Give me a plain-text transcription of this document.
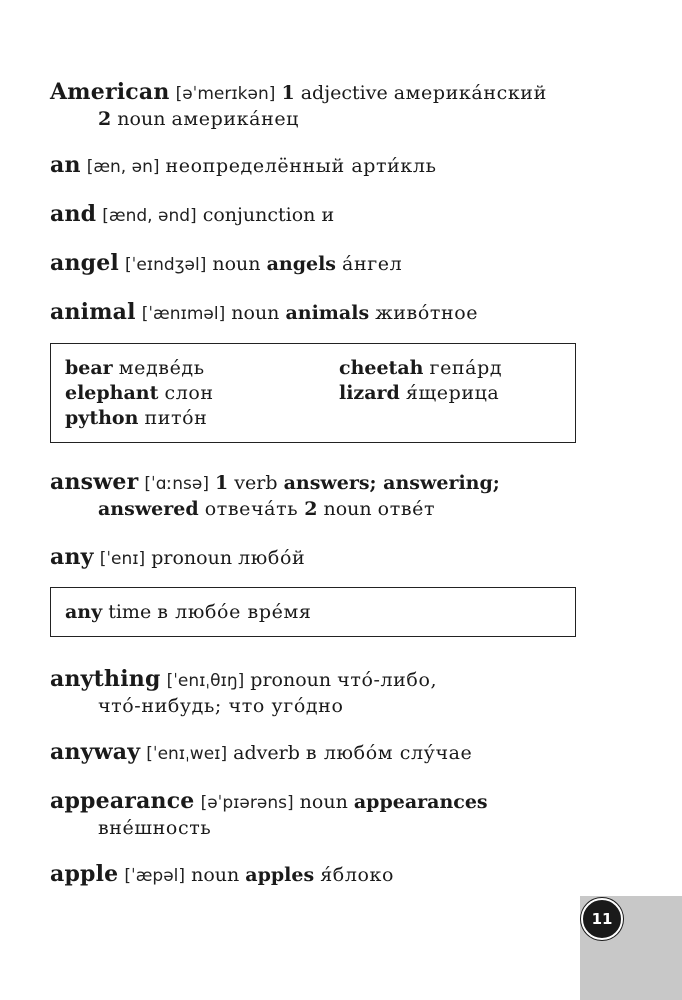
American [əˈmerɪkən] 1 adjective америка́нский
2 noun америка́нец
an [æn, ən] неопределённый арти́кль
and [ænd, ənd] conjunction и
angel [ˈeɪndʒəl] noun angels а́нгел
animal [ˈænɪməl] noun animals живо́тное
bear медве́дь	cheetah гепа́рд
elephant слон	lizard я́щерица
python пито́н
answer [ˈɑːnsə] 1 verb answers; answering;
answered отвеча́ть 2 noun отве́т
any [ˈenɪ] pronoun любо́й
any time в любо́е вре́мя
anything [ˈenɪˌθɪŋ] pronoun что́-либо,
что́-нибудь; что уго́дно
anyway [ˈenɪˌweɪ] adverb в любо́м слу́чае
appearance [əˈpɪərəns] noun appearances
вне́шность
apple [ˈæpəl] noun apples я́блоко
11
